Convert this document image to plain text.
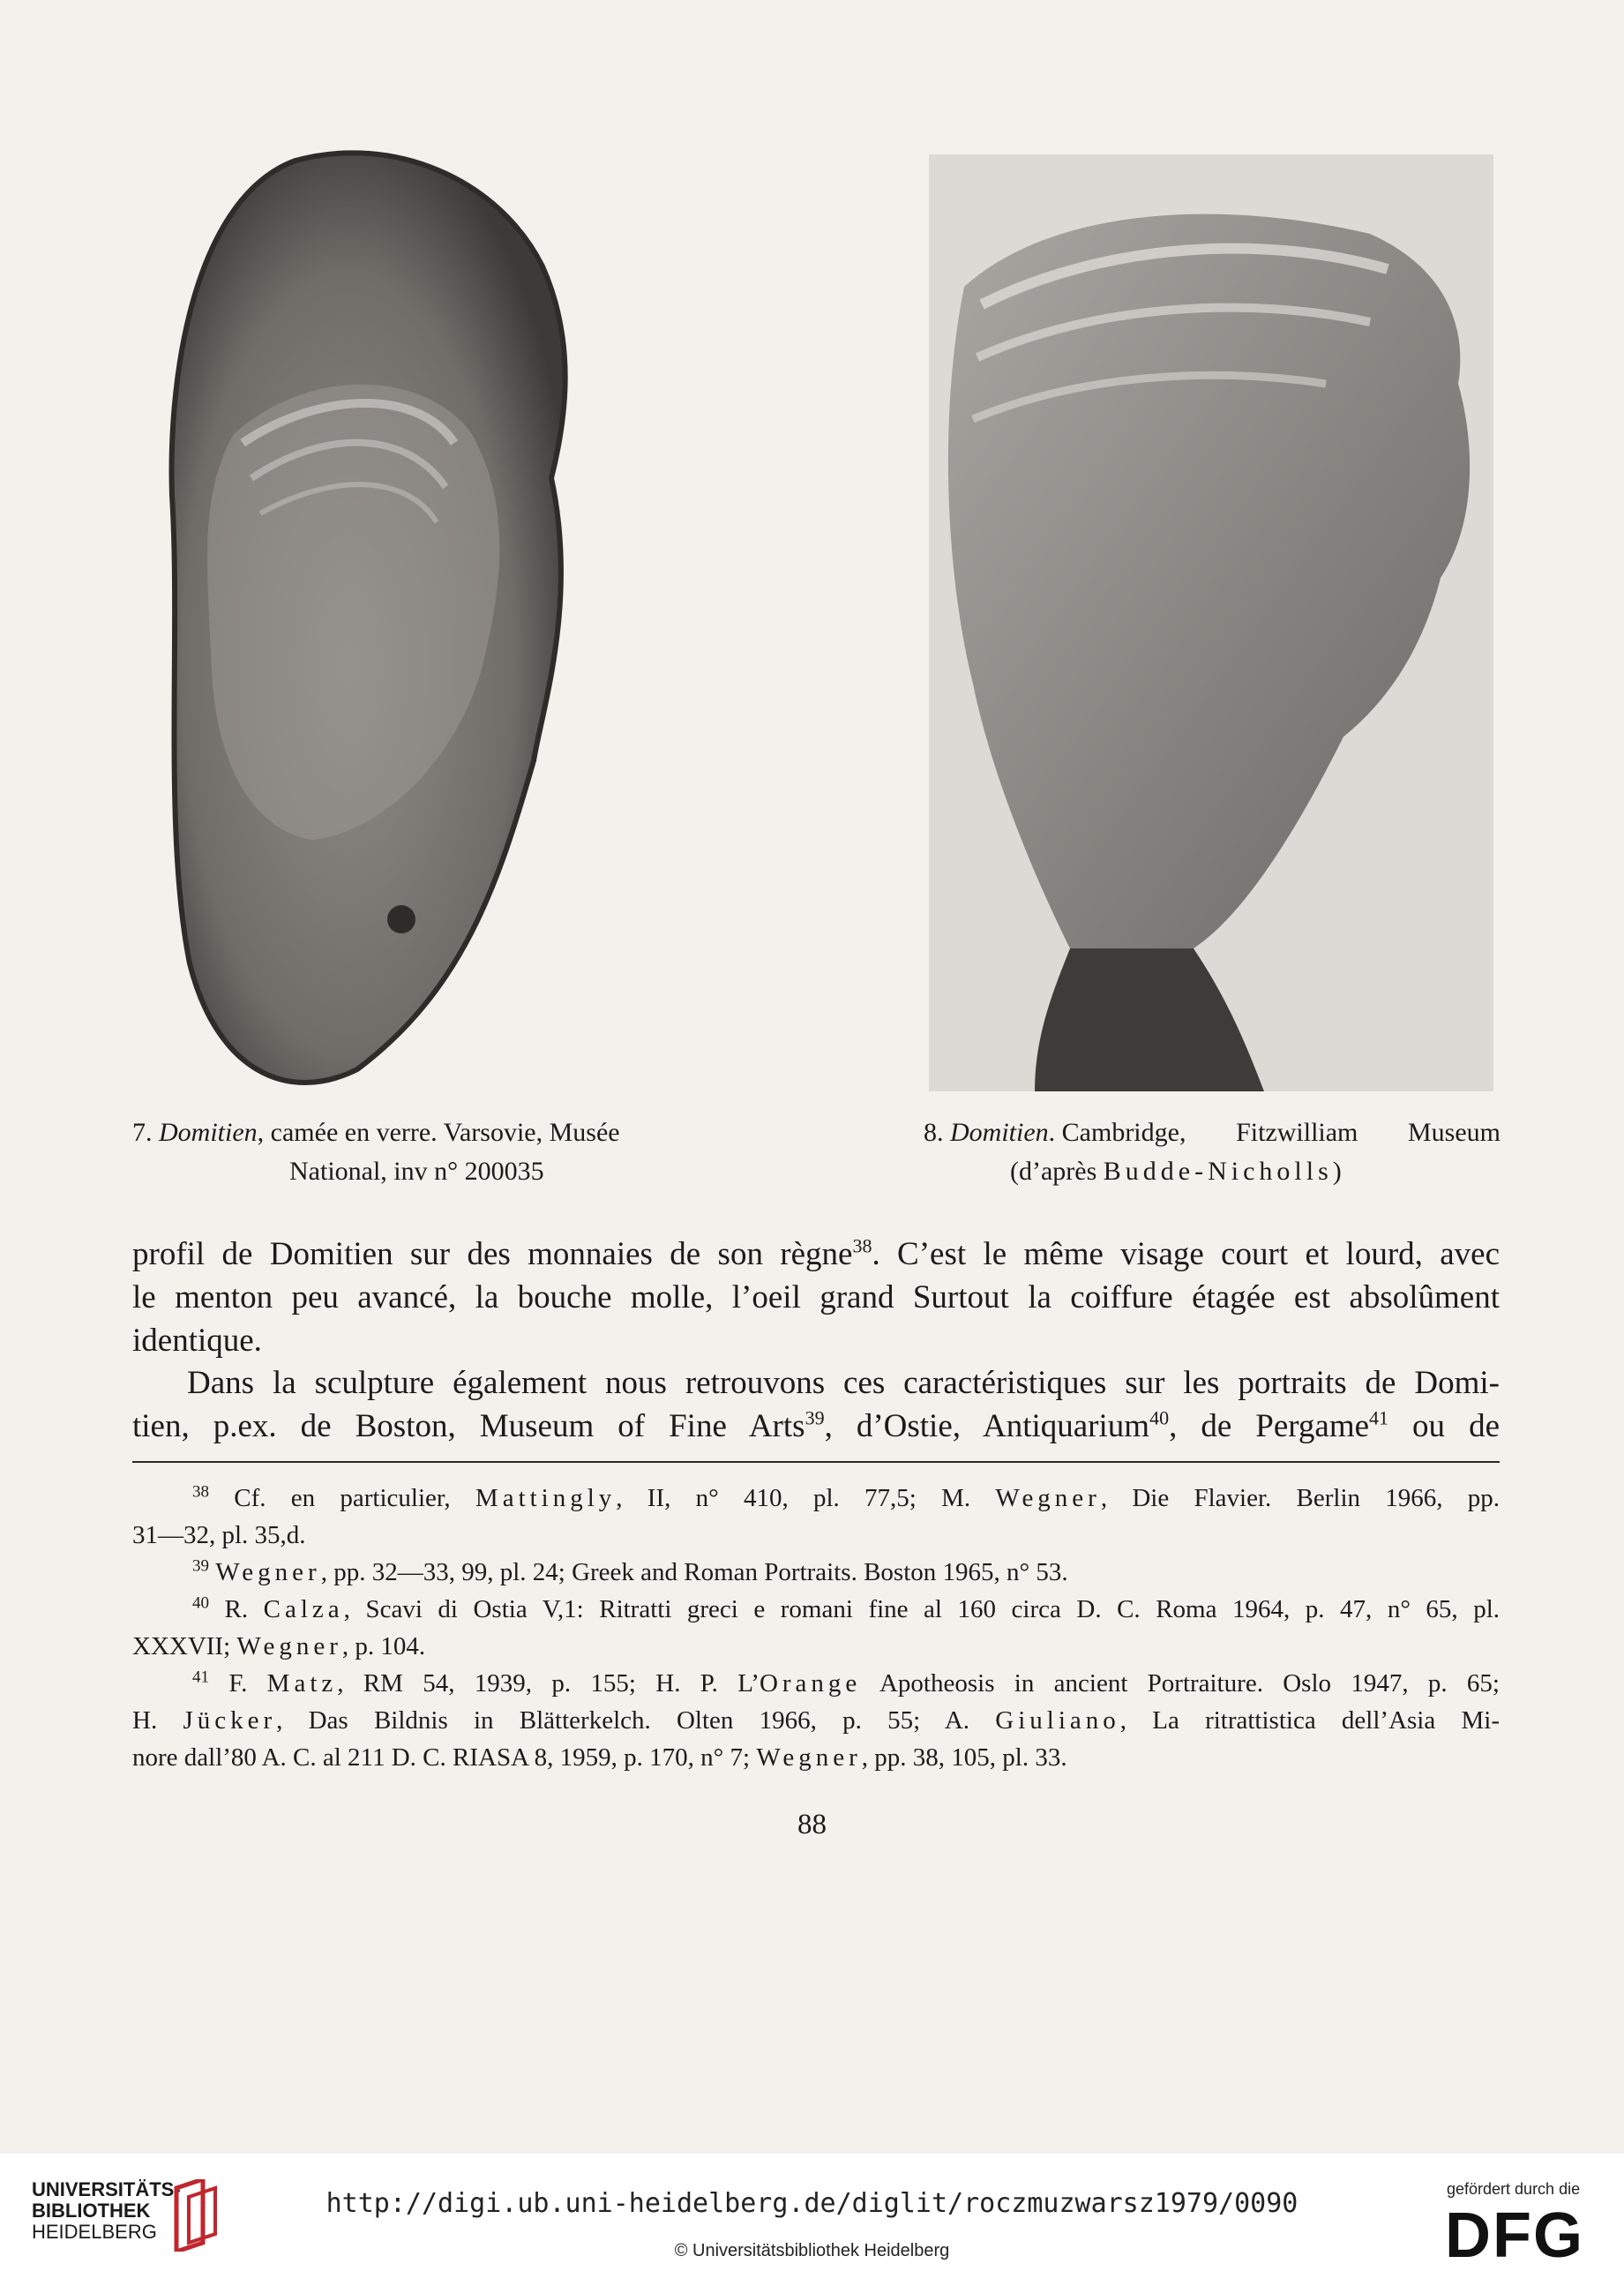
7. Domitien, camée en verre. Varsovie, Musée
National, inv n° 200035
8. Domitien. Cambridge, Fitzwilliam Museum
(d’après Budde-Nicholls)
profil de Domitien sur des monnaies de son règne$^{38}$. C’est le même visage court et lourd, avec
le menton peu avancé, la bouche molle, l’oeil grand Surtout la coiffure étagée est absolûment
identique.
Dans la sculpture également nous retrouvons ces caractéristiques sur les portraits de Domi-
tien, p.ex. de Boston, Museum of Fine Arts$^{39}$, d’Ostie, Antiquarium$^{40}$, de Pergame$^{41}$ ou de
$^{38}$ Cf. en particulier, Mattingly, II, n° 410, pl. 77,5; M. Wegner, Die Flavier. Berlin 1966, pp.
31—32, pl. 35,d.
$^{39}$ Wegner, pp. 32—33, 99, pl. 24; Greek and Roman Portraits. Boston 1965, n° 53.
$^{40}$ R. Calza, Scavi di Ostia V,1: Ritratti greci e romani fine al 160 circa D. C. Roma 1964, p. 47, n° 65, pl.
XXXVII; Wegner, p. 104.
$^{41}$ F. Matz, RM 54, 1939, p. 155; H. P. L’Orange Apotheosis in ancient Portraiture. Oslo 1947, p. 65;
H. Jücker, Das Bildnis in Blätterkelch. Olten 1966, p. 55; A. Giuliano, La ritrattistica dell’Asia Mi-
nore dall’80 A. C. al 211 D. C. RIASA 8, 1959, p. 170, n° 7; Wegner, pp. 38, 105, pl. 33.
88
UNIVERSITÄTS-
BIBLIOTHEK
HEIDELBERG
http://digi.ub.uni-heidelberg.de/diglit/roczmuzwarsz1979/0090
© Universitätsbibliothek Heidelberg
gefördert durch die
DFG
